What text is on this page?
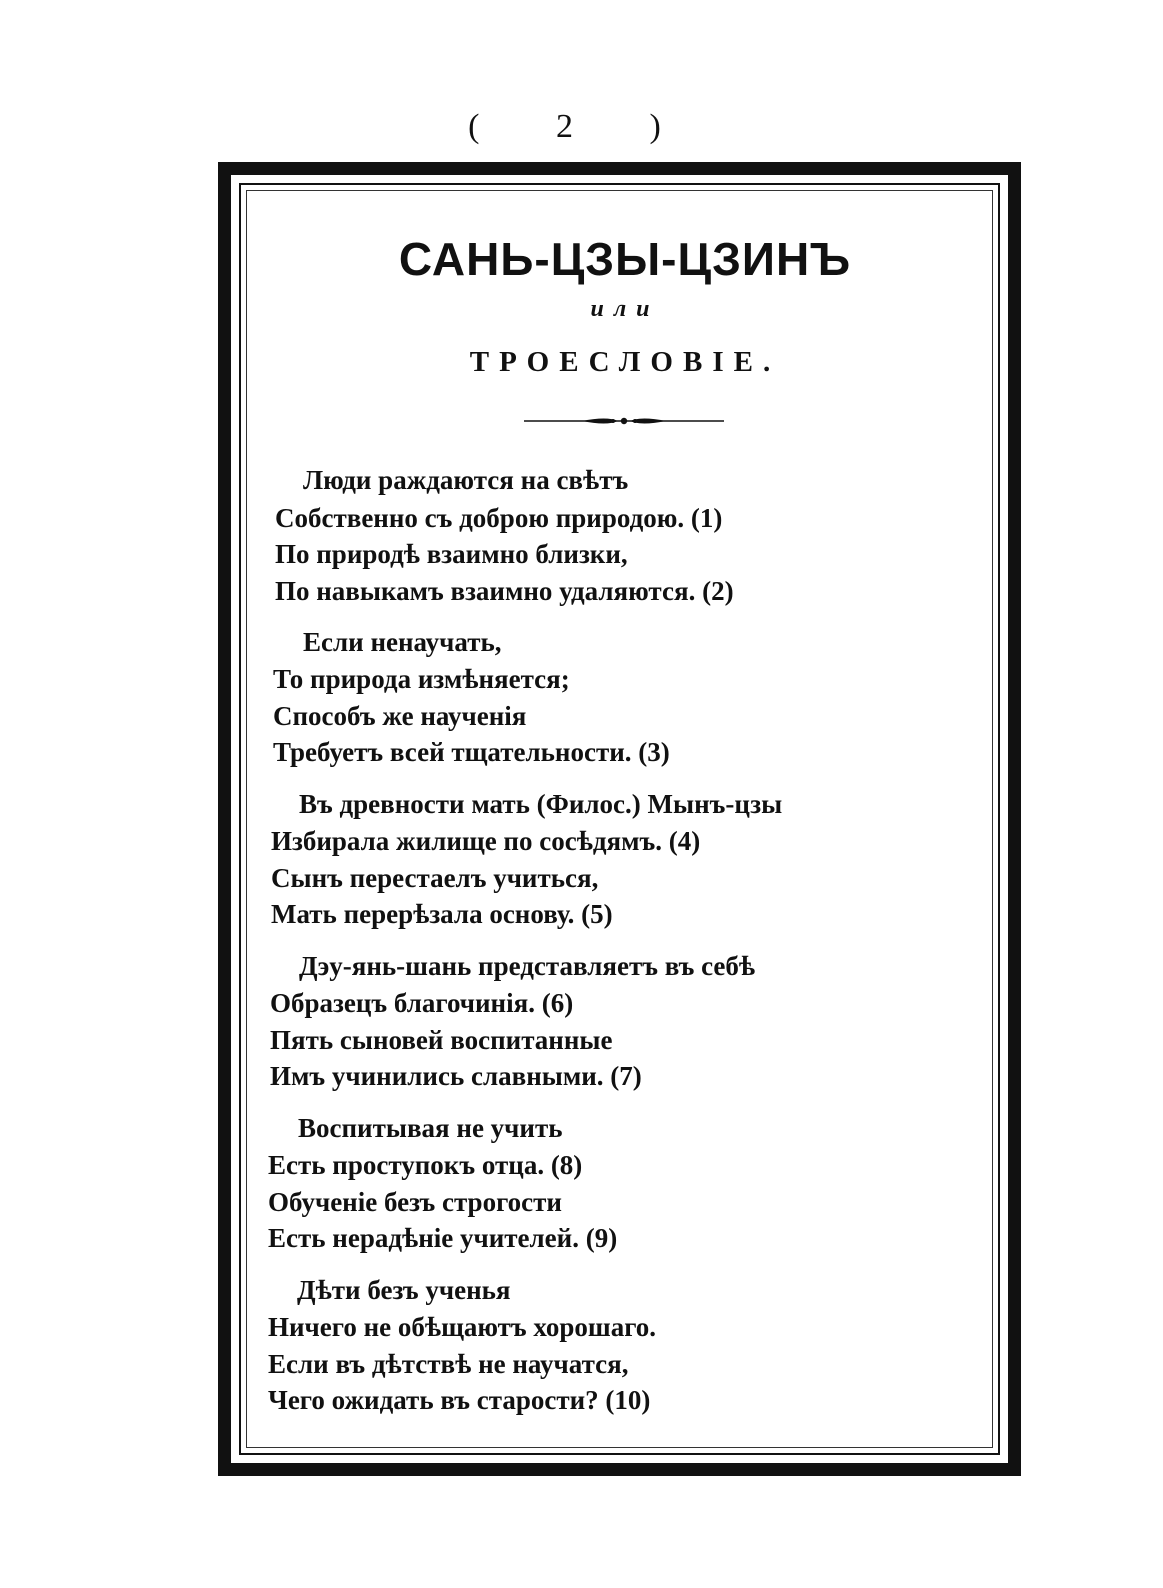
( 2 )
САНЬ-ЦЗЫ-ЦЗИНЪ
или
ТРОЕСЛОВІЕ.
Люди раждаются на свѣтъ
Собственно съ доброю природою. (1)
По природѣ взаимно близки,
По навыкамъ взаимно удаляются. (2)
Если ненаучать,
То природа измѣняется;
Способъ же наученія
Требуетъ всей тщательности. (3)
Въ древности мать (Филос.) Мынъ-цзы
Избирала жилище по сосѣдямъ. (4)
Сынъ перестаелъ учиться,
Мать перерѣзала основу. (5)
Дэу-янь-шань представляетъ въ себѣ
Образецъ благочинія. (6)
Пять сыновей воспитанные
Имъ учинились славными. (7)
Воспитывая не учить
Есть проступокъ отца. (8)
Обученіе безъ строгости
Есть нерадѣніе учителей. (9)
Дѣти безъ ученья
Ничего не обѣщаютъ хорошаго.
Если въ дѣтствѣ не научатся,
Чего ожидать въ старости? (10)
